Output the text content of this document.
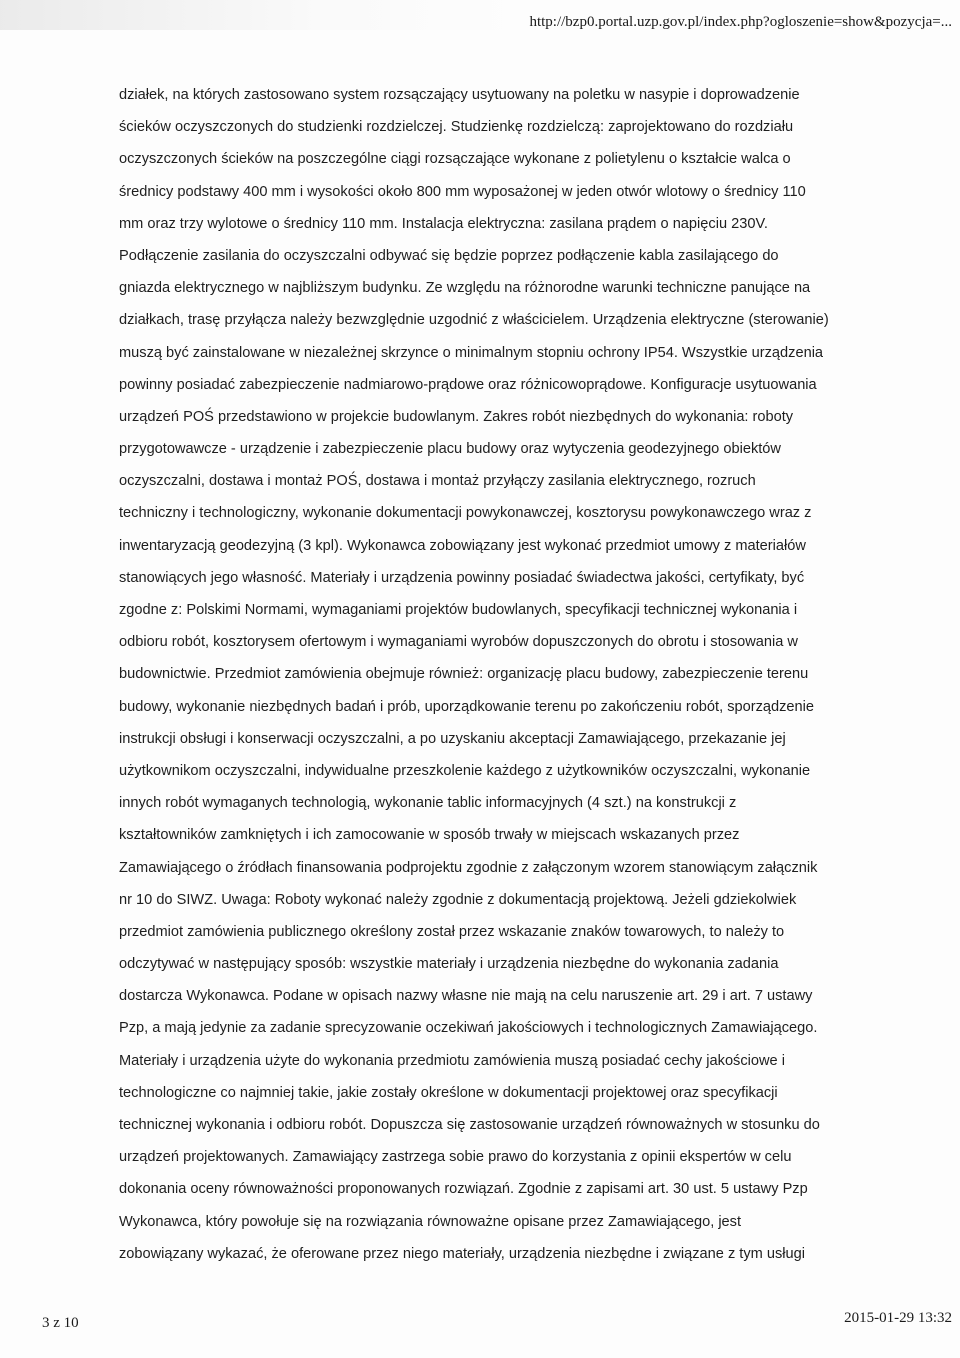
http://bzp0.portal.uzp.gov.pl/index.php?ogloszenie=show&pozycja=...
działek, na których zastosowano system rozsączający usytuowany na poletku w nasypie i doprowadzenie
ścieków oczyszczonych do studzienki rozdzielczej. Studzienkę rozdzielczą: zaprojektowano do rozdziału
oczyszczonych ścieków na poszczególne ciągi rozsączające wykonane z polietylenu o kształcie walca o
średnicy podstawy 400 mm i wysokości około 800 mm wyposażonej w jeden otwór wlotowy o średnicy 110
mm oraz trzy wylotowe o średnicy 110 mm. Instalacja elektryczna: zasilana prądem o napięciu 230V.
Podłączenie zasilania do oczyszczalni odbywać się będzie poprzez podłączenie kabla zasilającego do
gniazda elektrycznego w najbliższym budynku. Ze względu na różnorodne warunki techniczne panujące na
działkach, trasę przyłącza należy bezwzględnie uzgodnić z właścicielem. Urządzenia elektryczne (sterowanie)
muszą być zainstalowane w niezależnej skrzynce o minimalnym stopniu ochrony IP54. Wszystkie urządzenia
powinny posiadać zabezpieczenie nadmiarowo-prądowe oraz różnicowoprądowe. Konfiguracje usytuowania
urządzeń POŚ przedstawiono w projekcie budowlanym. Zakres robót niezbędnych do wykonania: roboty
przygotowawcze - urządzenie i zabezpieczenie placu budowy oraz wytyczenia geodezyjnego obiektów
oczyszczalni, dostawa i montaż POŚ, dostawa i montaż przyłączy zasilania elektrycznego, rozruch
techniczny i technologiczny, wykonanie dokumentacji powykonawczej, kosztorysu powykonawczego wraz z
inwentaryzacją geodezyjną (3 kpl). Wykonawca zobowiązany jest wykonać przedmiot umowy z materiałów
stanowiących jego własność. Materiały i urządzenia powinny posiadać świadectwa jakości, certyfikaty, być
zgodne z: Polskimi Normami, wymaganiami projektów budowlanych, specyfikacji technicznej wykonania i
odbioru robót, kosztorysem ofertowym i wymaganiami wyrobów dopuszczonych do obrotu i stosowania w
budownictwie. Przedmiot zamówienia obejmuje również: organizację placu budowy, zabezpieczenie terenu
budowy, wykonanie niezbędnych badań i prób, uporządkowanie terenu po zakończeniu robót, sporządzenie
instrukcji obsługi i konserwacji oczyszczalni, a po uzyskaniu akceptacji Zamawiającego, przekazanie jej
użytkownikom oczyszczalni, indywidualne przeszkolenie każdego z użytkowników oczyszczalni, wykonanie
innych robót wymaganych technologią, wykonanie tablic informacyjnych (4 szt.) na konstrukcji z
kształtowników zamkniętych i ich zamocowanie w sposób trwały w miejscach wskazanych przez
Zamawiającego o źródłach finansowania podprojektu zgodnie z załączonym wzorem stanowiącym załącznik
nr 10 do SIWZ. Uwaga: Roboty wykonać należy zgodnie z dokumentacją projektową. Jeżeli gdziekolwiek
przedmiot zamówienia publicznego określony został przez wskazanie znaków towarowych, to należy to
odczytywać w następujący sposób: wszystkie materiały i urządzenia niezbędne do wykonania zadania
dostarcza Wykonawca. Podane w opisach nazwy własne nie mają na celu naruszenie art. 29 i art. 7 ustawy
Pzp, a mają jedynie za zadanie sprecyzowanie oczekiwań jakościowych i technologicznych Zamawiającego.
Materiały i urządzenia użyte do wykonania przedmiotu zamówienia muszą posiadać cechy jakościowe i
technologiczne co najmniej takie, jakie zostały określone w dokumentacji projektowej oraz specyfikacji
technicznej wykonania i odbioru robót. Dopuszcza się zastosowanie urządzeń równoważnych w stosunku do
urządzeń projektowanych. Zamawiający zastrzega sobie prawo do korzystania z opinii ekspertów w celu
dokonania oceny równoważności proponowanych rozwiązań. Zgodnie z zapisami art. 30 ust. 5 ustawy Pzp
Wykonawca, który powołuje się na rozwiązania równoważne opisane przez Zamawiającego, jest
zobowiązany wykazać, że oferowane przez niego materiały, urządzenia niezbędne i związane z tym usługi
3 z 10	2015-01-29 13:32
